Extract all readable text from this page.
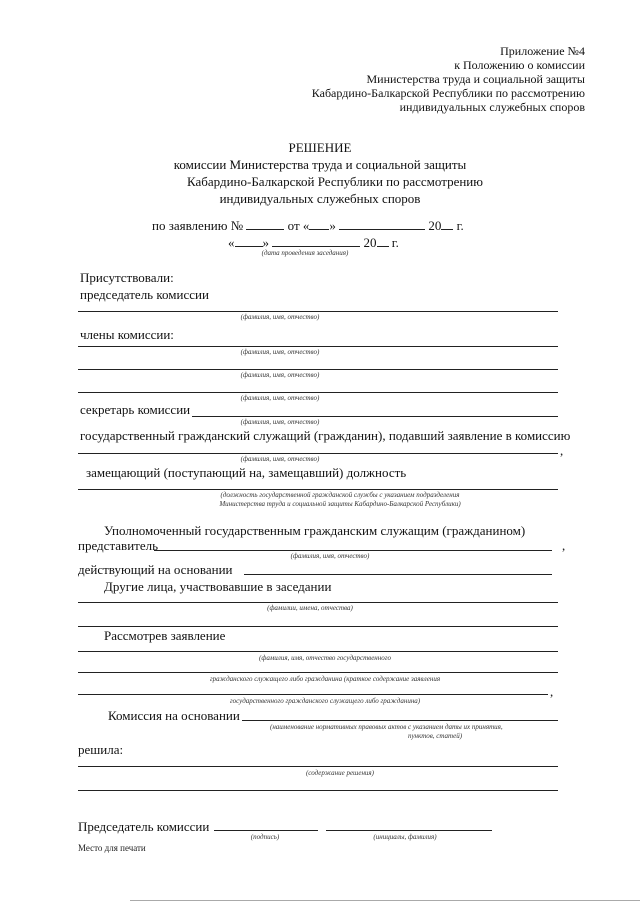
Приложение №4
к Положению о комиссии
Министерства труда и социальной защиты
Кабардино-Балкарской Республики по рассмотрению
индивидуальных служебных споров
РЕШЕНИЕ
комиссии Министерства труда и социальной защиты
Кабардино-Балкарской Республики по рассмотрению
индивидуальных служебных споров
по заявлению №	от « »	20 г.
« »	20 г.
(дата проведения заседания)
Присутствовали:
председатель комиссии
(фамилия, имя, отчество)
члены комиссии:
(фамилия, имя, отчество)
(фамилия, имя, отчество)
(фамилия, имя, отчество)
секретарь комиссии
(фамилия, имя, отчество)
государственный гражданский служащий (гражданин), подавший заявление в комиссию
,
(фамилия, имя, отчество)
замещающий (поступающий на, замещавший) должность
(должность государственной гражданской службы с указанием подразделения
Министерства труда и социальной защиты Кабардино-Балкарской Республики)
Уполномоченный государственным гражданским служащим (гражданином)
представитель	,
(фамилия, имя, отчество)
действующий на основании
Другие лица, участвовавшие в заседании
(фамилии, имена, отчества)
Рассмотрев заявление
(фамилия, имя, отчество государственного
гражданского служащего либо гражданина (краткое содержание заявления
,
государственного гражданского служащего либо гражданина)
Комиссия на основании
(наименование нормативных правовых актов с указанием даты их принятия,
пунктов, статей)
решила:
(содержание решения)
Председатель комиссии
(подпись)	(инициалы, фамилия)
Место для печати
